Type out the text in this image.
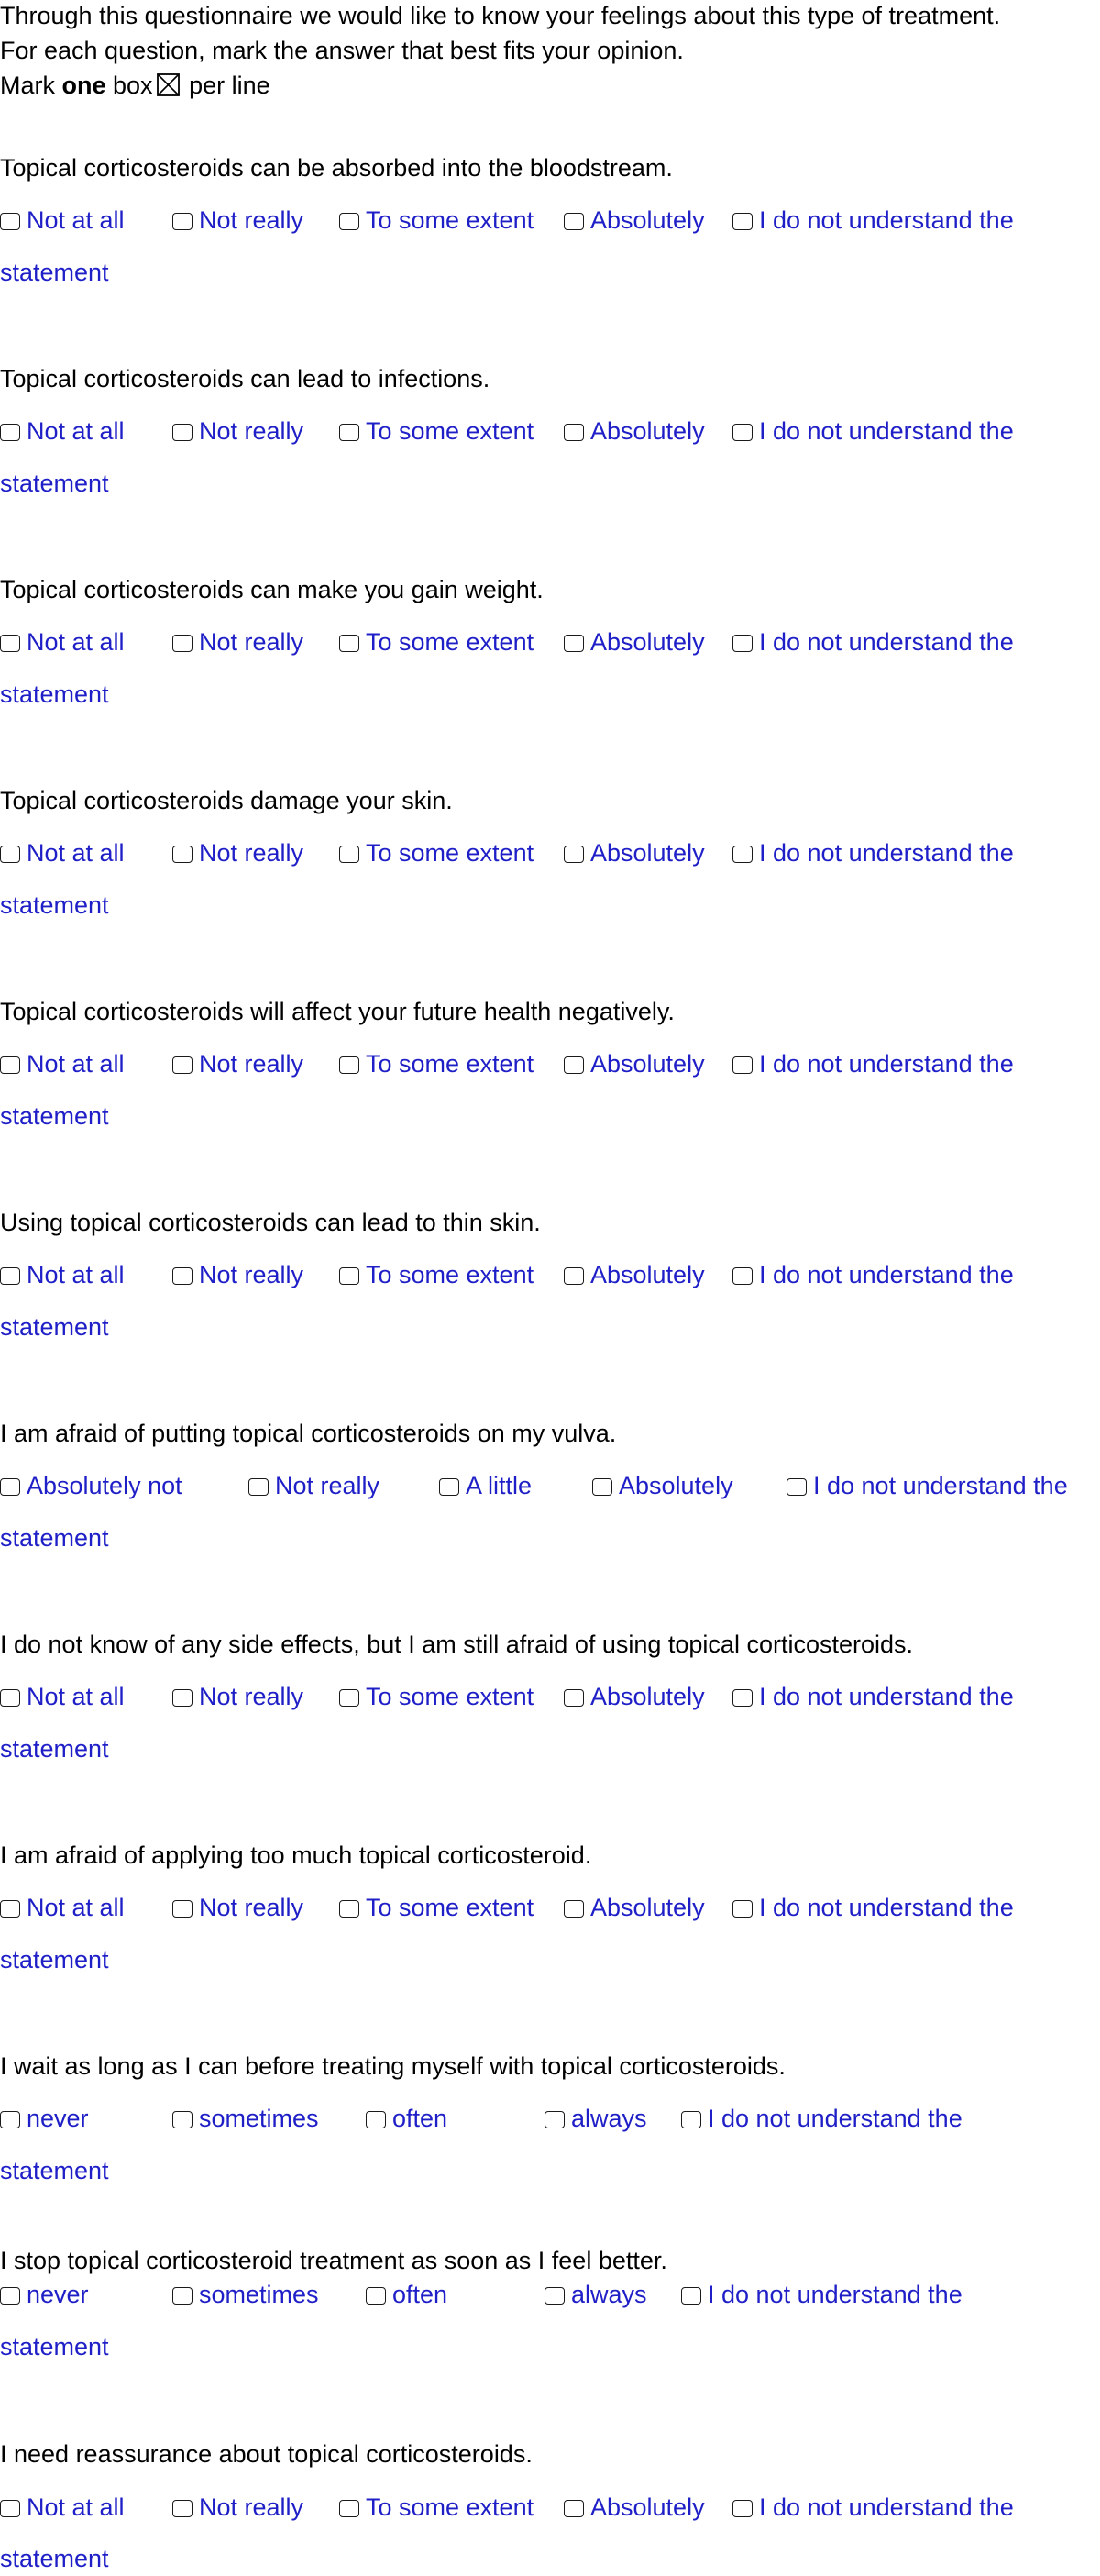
Through this questionnaire we would like to know your feelings about this type of treatment.
For each question, mark the answer that best fits your opinion.
Mark one box ☒ per line
Topical corticosteroids can be absorbed into the bloodstream.
Not at all	Not really	To some extent	Absolutely	I do not understand the
statement
Topical corticosteroids can lead to infections.
Not at all	Not really	To some extent	Absolutely	I do not understand the
statement
Topical corticosteroids can make you gain weight.
Not at all	Not really	To some extent	Absolutely	I do not understand the
statement
Topical corticosteroids damage your skin.
Not at all	Not really	To some extent	Absolutely	I do not understand the
statement
Topical corticosteroids will affect your future health negatively.
Not at all	Not really	To some extent	Absolutely	I do not understand the
statement
Using topical corticosteroids can lead to thin skin.
Not at all	Not really	To some extent	Absolutely	I do not understand the
statement
I am afraid of putting topical corticosteroids on my vulva.
Absolutely not	Not really	A little	Absolutely	I do not understand the
statement
I do not know of any side effects, but I am still afraid of using topical corticosteroids.
Not at all	Not really	To some extent	Absolutely	I do not understand the
statement
I am afraid of applying too much topical corticosteroid.
Not at all	Not really	To some extent	Absolutely	I do not understand the
statement
I wait as long as I can before treating myself with topical corticosteroids.
never	sometimes	often	always	I do not understand the
statement
I stop topical corticosteroid treatment as soon as I feel better.
never	sometimes	often	always	I do not understand the
statement
I need reassurance about topical corticosteroids.
Not at all	Not really	To some extent	Absolutely	I do not understand the
statement
